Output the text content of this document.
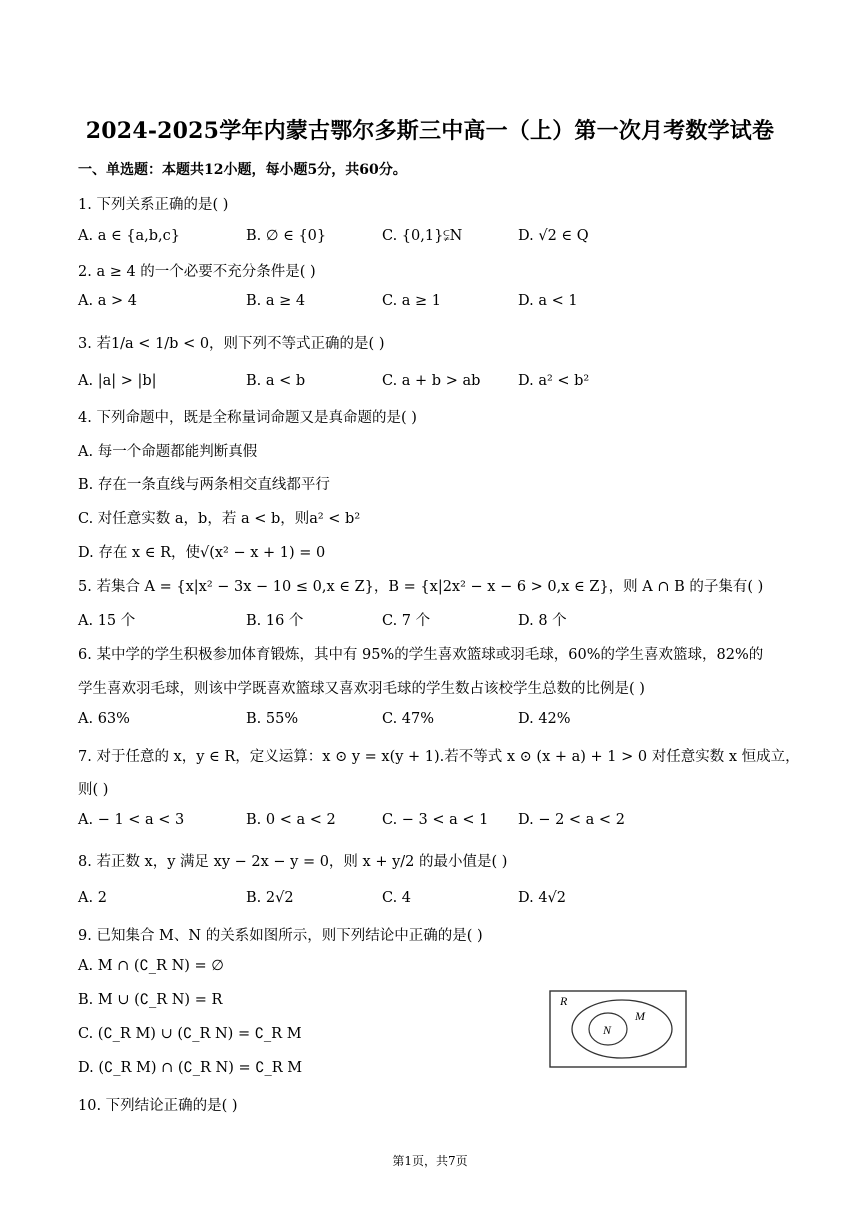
2024-2025学年内蒙古鄂尔多斯三中高一（上）第一次月考数学试卷
一、单选题：本题共12小题，每小题5分，共60分。
1. 下列关系正确的是( )
A. a ∈ {a,b,c}	B. ∅ ∈ {0}	C. {0,1}⫋N	D. √2 ∈ Q
2. a ≥ 4 的一个必要不充分条件是( )
A. a > 4	B. a ≥ 4	C. a ≥ 1	D. a < 1
3. 若1/a < 1/b < 0，则下列不等式正确的是( )
A. |a| > |b|	B. a < b	C. a + b > ab	D. a² < b²
4. 下列命题中，既是全称量词命题又是真命题的是( )
A. 每一个命题都能判断真假
B. 存在一条直线与两条相交直线都平行
C. 对任意实数 a，b，若 a < b，则a² < b²
D. 存在 x ∈ R，使√(x² − x + 1) = 0
5. 若集合 A = {x|x² − 3x − 10 ≤ 0,x ∈ Z}，B = {x|2x² − x − 6 > 0,x ∈ Z}，则 A ∩ B 的子集有( )
A. 15 个	B. 16 个	C. 7 个	D. 8 个
6. 某中学的学生积极参加体育锻炼，其中有 95%的学生喜欢篮球或羽毛球，60%的学生喜欢篮球，82%的
学生喜欢羽毛球，则该中学既喜欢篮球又喜欢羽毛球的学生数占该校学生总数的比例是( )
A. 63%	B. 55%	C. 47%	D. 42%
7. 对于任意的 x，y ∈ R，定义运算：x ⊙ y = x(y + 1).若不等式 x ⊙ (x + a) + 1 > 0 对任意实数 x 恒成立，
则( )
A. − 1 < a < 3	B. 0 < a < 2	C. − 3 < a < 1 D. − 2 < a < 2
8. 若正数 x，y 满足 xy − 2x − y = 0，则 x + y/2 的最小值是( )
A. 2	B. 2√2	C. 4	D. 4√2
9. 已知集合 M、N 的关系如图所示，则下列结论中正确的是( )
A. M ∩ (∁_R N) = ∅
B. M ∪ (∁_R N) = R
C. (∁_R M) ∪ (∁_R N) = ∁_R M
D. (∁_R M) ∩ (∁_R N) = ∁_R M
R
M
N
10. 下列结论正确的是( )
第1页，共7页
